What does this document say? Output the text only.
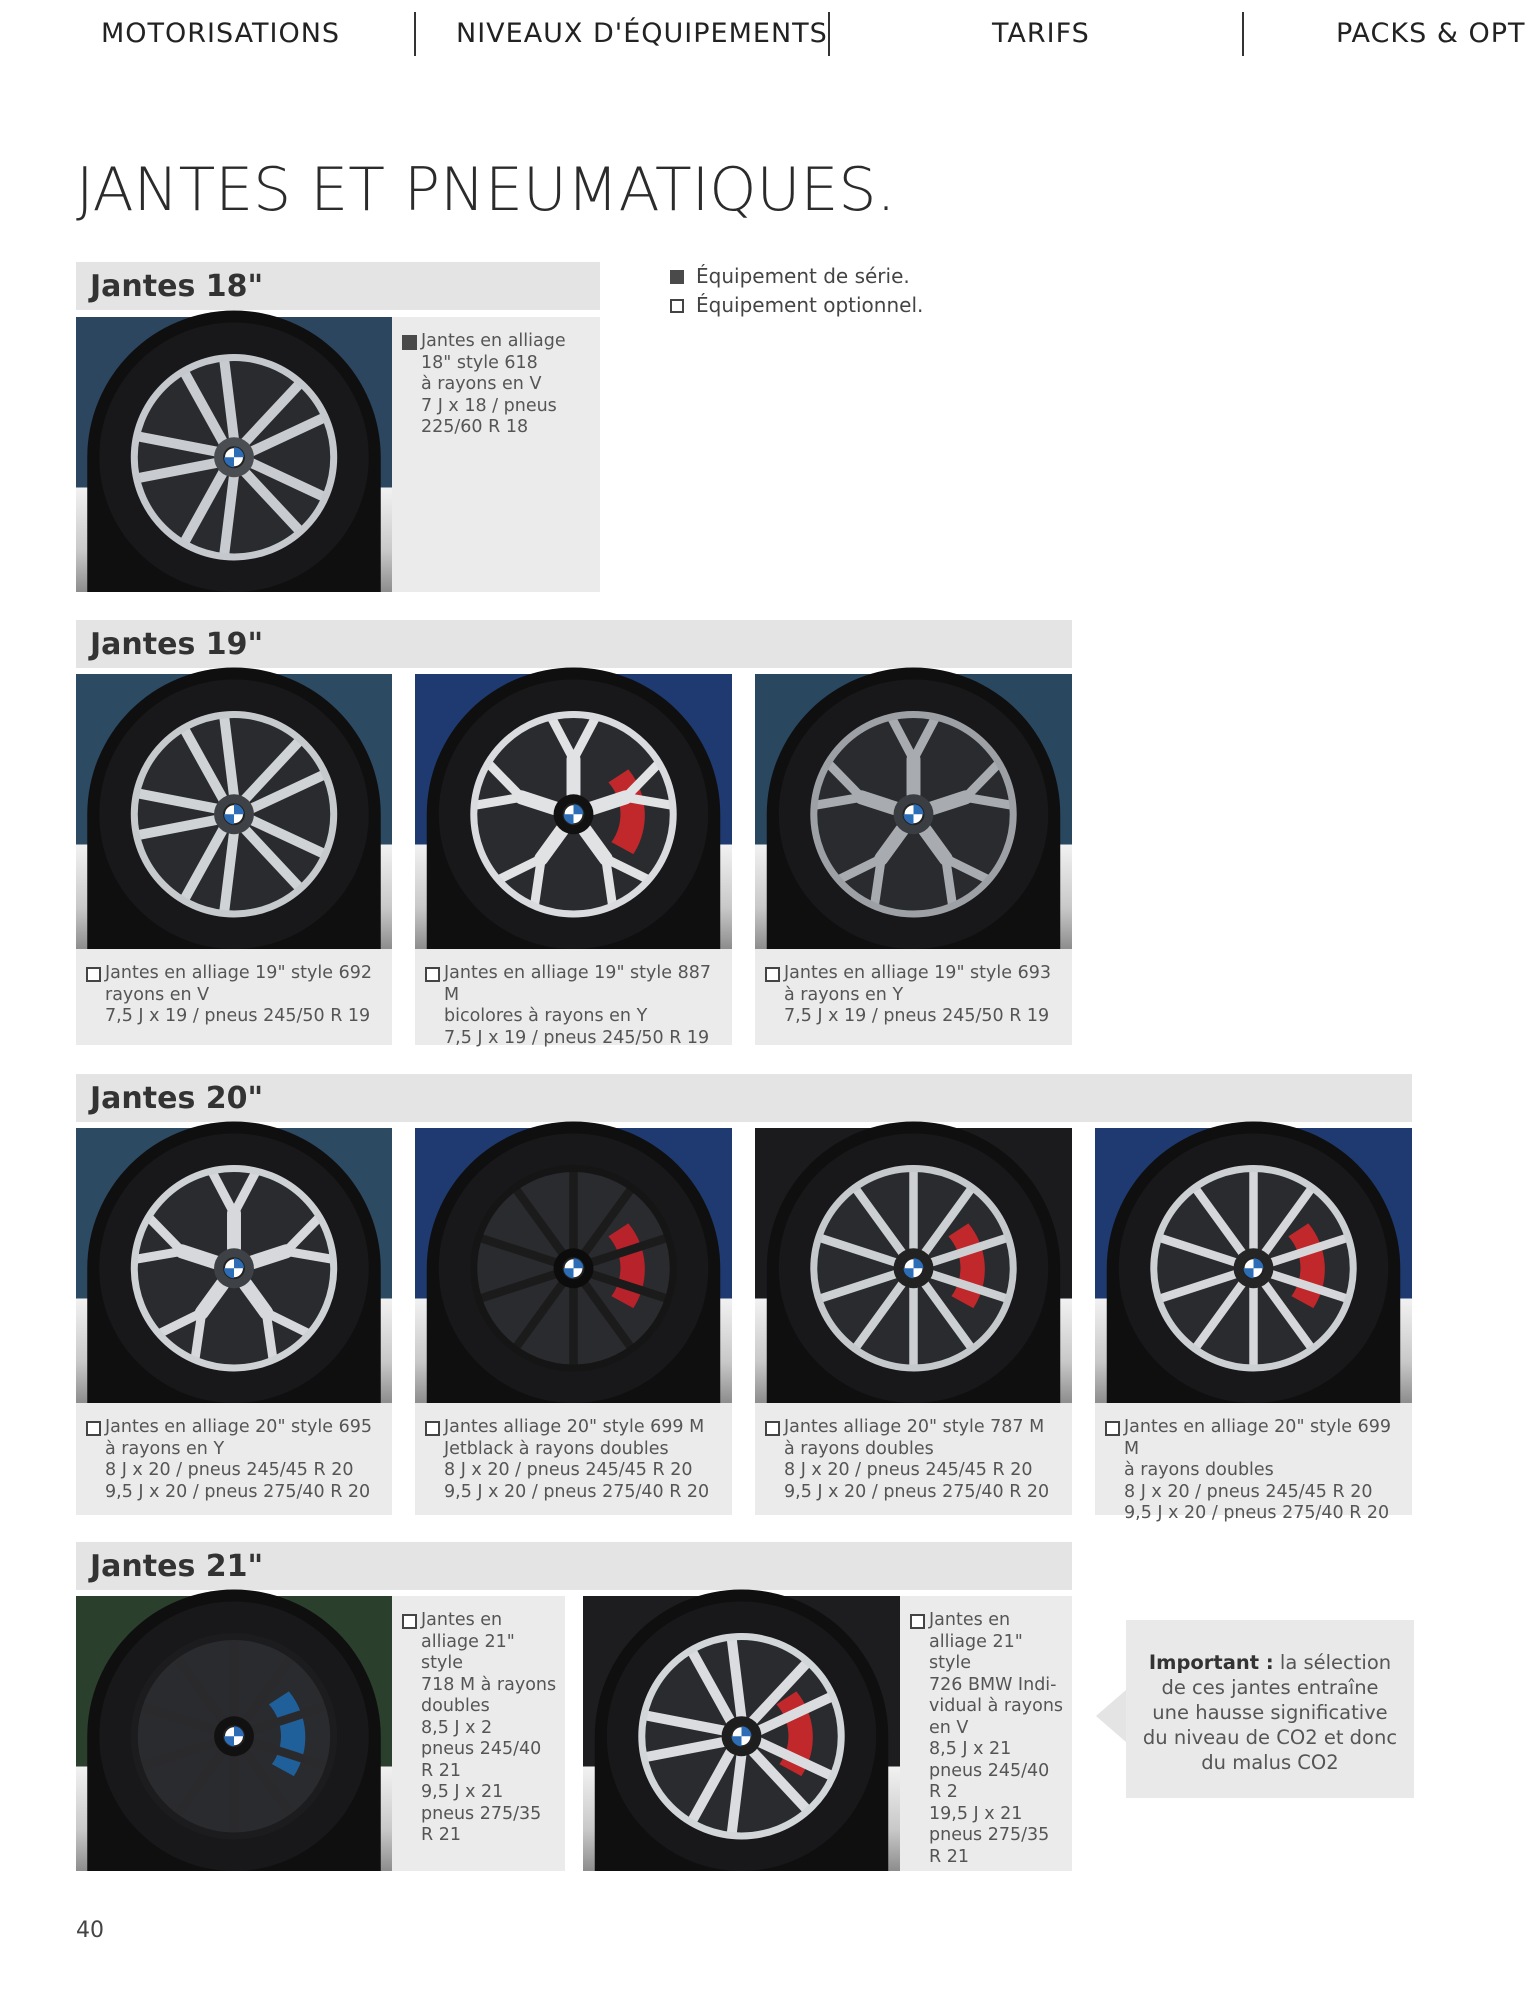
MOTORISATIONS	NIVEAUX D'ÉQUIPEMENTS	TARIFS	PACKS & OPT
JANTES ET PNEUMATIQUES.
Équipement de série.
Équipement optionnel.
Jantes 18"
Jantes en alliage
18" style 618
à rayons en V
7 J x 18 / pneus
225/60 R 18
Jantes 19"
Jantes en alliage 19" style 692
rayons en V
7,5 J x 19 / pneus 245/50 R 19
Jantes en alliage 19" style 887 M
bicolores à rayons en Y
7,5 J x 19 / pneus 245/50 R 19
Jantes en alliage 19" style 693
à rayons en Y
7,5 J x 19 / pneus 245/50 R 19
Jantes 20"
Jantes en alliage 20" style 695
à rayons en Y
8 J x 20 / pneus 245/45 R 20
9,5 J x 20 / pneus 275/40 R 20
Jantes alliage 20" style 699 M
Jetblack à rayons doubles
8 J x 20 / pneus 245/45 R 20
9,5 J x 20 / pneus 275/40 R 20
Jantes alliage 20" style 787 M
à rayons doubles
8 J x 20 / pneus 245/45 R 20
9,5 J x 20 / pneus 275/40 R 20
Jantes en alliage 20" style 699 M
à rayons doubles
8 J x 20 / pneus 245/45 R 20
9,5 J x 20 / pneus 275/40 R 20
Jantes 21"
Jantes en
alliage 21" style
718 M à rayons
doubles
8,5 J x 2
pneus 245/40
R 21
9,5 J x 21
pneus 275/35
R 21
Jantes en
alliage 21" style
726 BMW Indi-
vidual à rayons
en V
8,5 J x 21
pneus 245/40
R 2
19,5 J x 21
pneus 275/35
R 21
Important : la sélection de ces jantes entraîne une hausse significative du niveau de CO2 et donc du malus CO2
40
